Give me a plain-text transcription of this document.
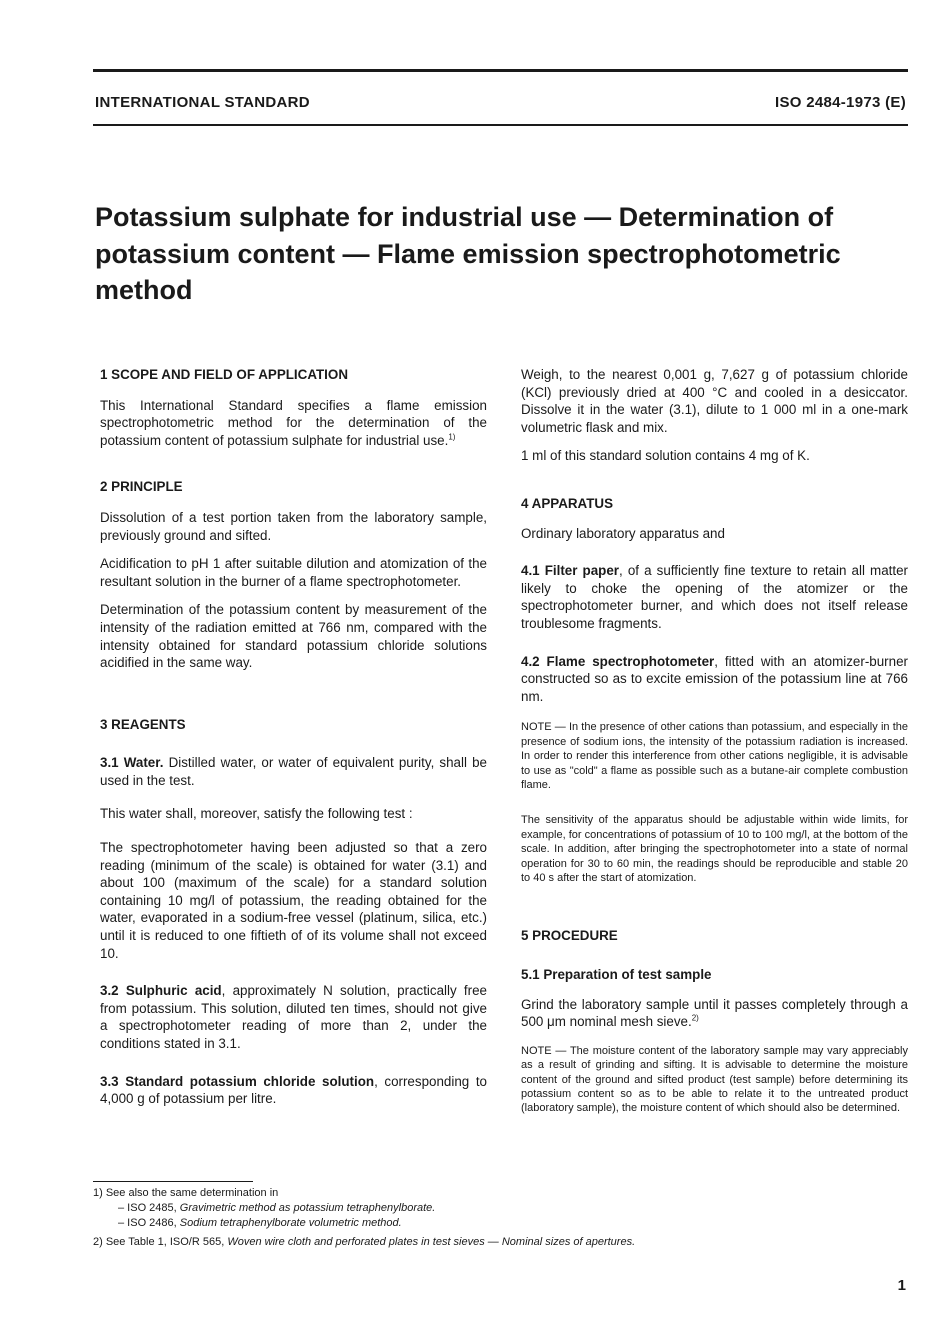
INTERNATIONAL STANDARD	ISO 2484-1973 (E)
Potassium sulphate for industrial use — Determination of potassium content — Flame emission spectrophotometric method
1 SCOPE AND FIELD OF APPLICATION

This International Standard specifies a flame emission spectrophotometric method for the determination of the potassium content of potassium sulphate for industrial use.$^{1)}$

2 PRINCIPLE

Dissolution of a test portion taken from the laboratory sample, previously ground and sifted.

Acidification to pH 1 after suitable dilution and atomization of the resultant solution in the burner of a flame spectrophotometer.

Determination of the potassium content by measurement of the intensity of the radiation emitted at 766 nm, compared with the intensity obtained for standard potassium chloride solutions acidified in the same way.

3 REAGENTS

3.1 Water. Distilled water, or water of equivalent purity, shall be used in the test.

This water shall, moreover, satisfy the following test :

The spectrophotometer having been adjusted so that a zero reading (minimum of the scale) is obtained for water (3.1) and about 100 (maximum of the scale) for a standard solution containing 10 mg/l of potassium, the reading obtained for the water, evaporated in a sodium-free vessel (platinum, silica, etc.) until it is reduced to one fiftieth of of its volume shall not exceed 10.

3.2 Sulphuric acid, approximately N solution, practically free from potassium. This solution, diluted ten times, should not give a spectrophotometer reading of more than 2, under the conditions stated in 3.1.

3.3 Standard potassium chloride solution, corresponding to 4,000 g of potassium per litre.

Weigh, to the nearest 0,001 g, 7,627 g of potassium chloride (KCl) previously dried at 400 °C and cooled in a desiccator. Dissolve it in the water (3.1), dilute to 1 000 ml in a one-mark volumetric flask and mix.

1 ml of this standard solution contains 4 mg of K.

4 APPARATUS

Ordinary laboratory apparatus and

4.1 Filter paper, of a sufficiently fine texture to retain all matter likely to choke the opening of the atomizer or the spectrophotometer burner, and which does not itself release troublesome fragments.

4.2 Flame spectrophotometer, fitted with an atomizer-burner constructed so as to excite emission of the potassium line at 766 nm.

NOTE — In the presence of other cations than potassium, and especially in the presence of sodium ions, the intensity of the potassium radiation is increased. In order to render this interference from other cations negligible, it is advisable to use as "cold" a flame as possible such as a butane-air complete combustion flame.

The sensitivity of the apparatus should be adjustable within wide limits, for example, for concentrations of potassium of 10 to 100 mg/l, at the bottom of the scale. In addition, after bringing the spectrophotometer into a state of normal operation for 30 to 60 min, the readings should be reproducible and stable 20 to 40 s after the start of atomization.

5 PROCEDURE

5.1 Preparation of test sample

Grind the laboratory sample until it passes completely through a 500 μm nominal mesh sieve.$^{2)}$

NOTE — The moisture content of the laboratory sample may vary appreciably as a result of grinding and sifting. It is advisable to determine the moisture content of the ground and sifted product (test sample) before determining its potassium content so as to be able to relate it to the untreated product (laboratory sample), the moisture content of which should also be determined.

1) See also the same determination in
– ISO 2485, Gravimetric method as potassium tetraphenylborate.
– ISO 2486, Sodium tetraphenylborate volumetric method.
2) See Table 1, ISO/R 565, Woven wire cloth and perforated plates in test sieves — Nominal sizes of apertures.
1
